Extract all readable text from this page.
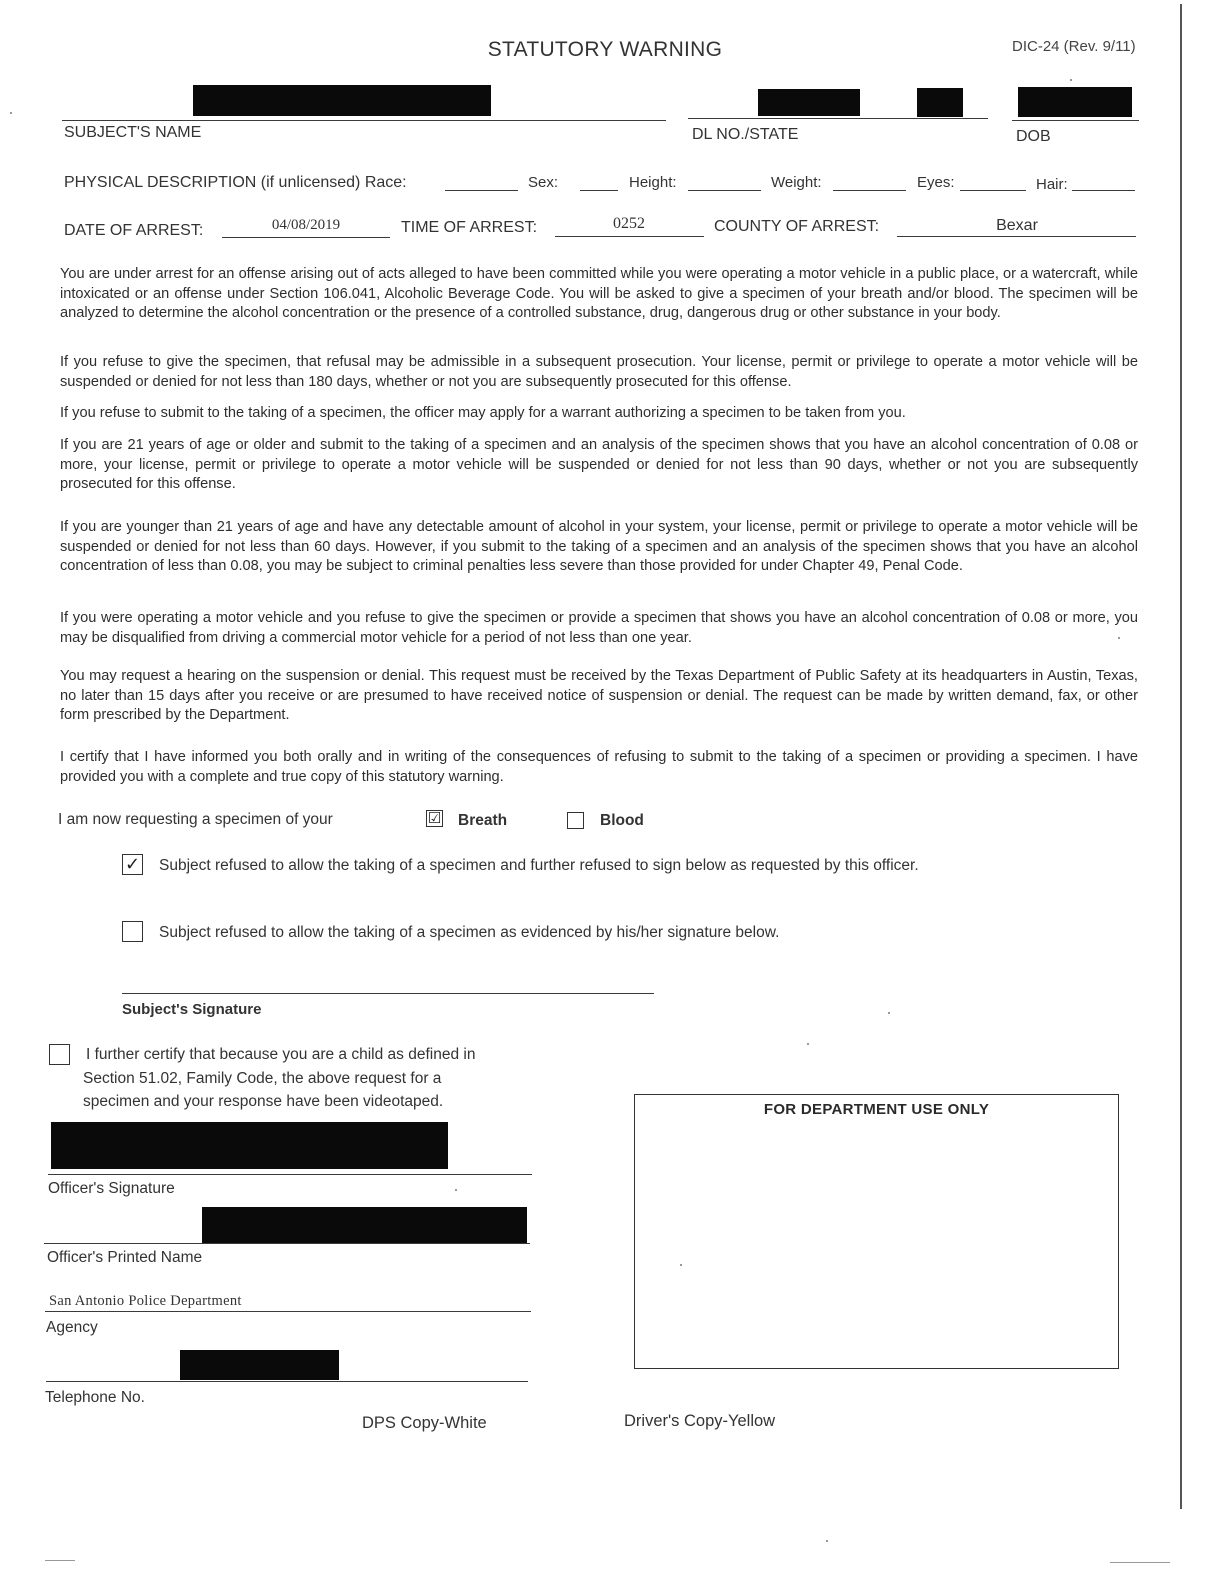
STATUTORY WARNING	DIC-24 (Rev. 9/11)
SUBJECT'S NAME	DL NO./STATE	DOB
PHYSICAL DESCRIPTION (if unlicensed) Race:	Sex:	Height:	Weight:	Eyes:	Hair:
DATE OF ARREST:	04/08/2019	TIME OF ARREST:	0252	COUNTY OF ARREST:	Bexar

You are under arrest for an offense arising out of acts alleged to have been committed while you were operating a motor vehicle in a public place, or a watercraft, while intoxicated or an offense under Section 106.041, Alcoholic Beverage Code. You will be asked to give a specimen of your breath and/or blood. The specimen will be analyzed to determine the alcohol concentration or the presence of a controlled substance, drug, dangerous drug or other substance in your body.

If you refuse to give the specimen, that refusal may be admissible in a subsequent prosecution. Your license, permit or privilege to operate a motor vehicle will be suspended or denied for not less than 180 days, whether or not you are subsequently prosecuted for this offense.

If you refuse to submit to the taking of a specimen, the officer may apply for a warrant authorizing a specimen to be taken from you.

If you are 21 years of age or older and submit to the taking of a specimen and an analysis of the specimen shows that you have an alcohol concentration of 0.08 or more, your license, permit or privilege to operate a motor vehicle will be suspended or denied for not less than 90 days, whether or not you are subsequently prosecuted for this offense.

If you are younger than 21 years of age and have any detectable amount of alcohol in your system, your license, permit or privilege to operate a motor vehicle will be suspended or denied for not less than 60 days. However, if you submit to the taking of a specimen and an analysis of the specimen shows that you have an alcohol concentration of less than 0.08, you may be subject to criminal penalties less severe than those provided for under Chapter 49, Penal Code.

If you were operating a motor vehicle and you refuse to give the specimen or provide a specimen that shows you have an alcohol concentration of 0.08 or more, you may be disqualified from driving a commercial motor vehicle for a period of not less than one year.

You may request a hearing on the suspension or denial. This request must be received by the Texas Department of Public Safety at its headquarters in Austin, Texas, no later than 15 days after you receive or are presumed to have received notice of suspension or denial. The request can be made by written demand, fax, or other form prescribed by the Department.

I certify that I have informed you both orally and in writing of the consequences of refusing to submit to the taking of a specimen or providing a specimen. I have provided you with a complete and true copy of this statutory warning.

I am now requesting a specimen of your	☑ Breath	Blood
✓ Subject refused to allow the taking of a specimen and further refused to sign below as requested by this officer.
Subject refused to allow the taking of a specimen as evidenced by his/her signature below.
Subject's Signature
I further certify that because you are a child as defined in
Section 51.02, Family Code, the above request for a
specimen and your response have been videotaped.
Officer's Signature
Officer's Printed Name
San Antonio Police Department
Agency
Telephone No.
FOR DEPARTMENT USE ONLY
DPS Copy-White	Driver's Copy-Yellow
